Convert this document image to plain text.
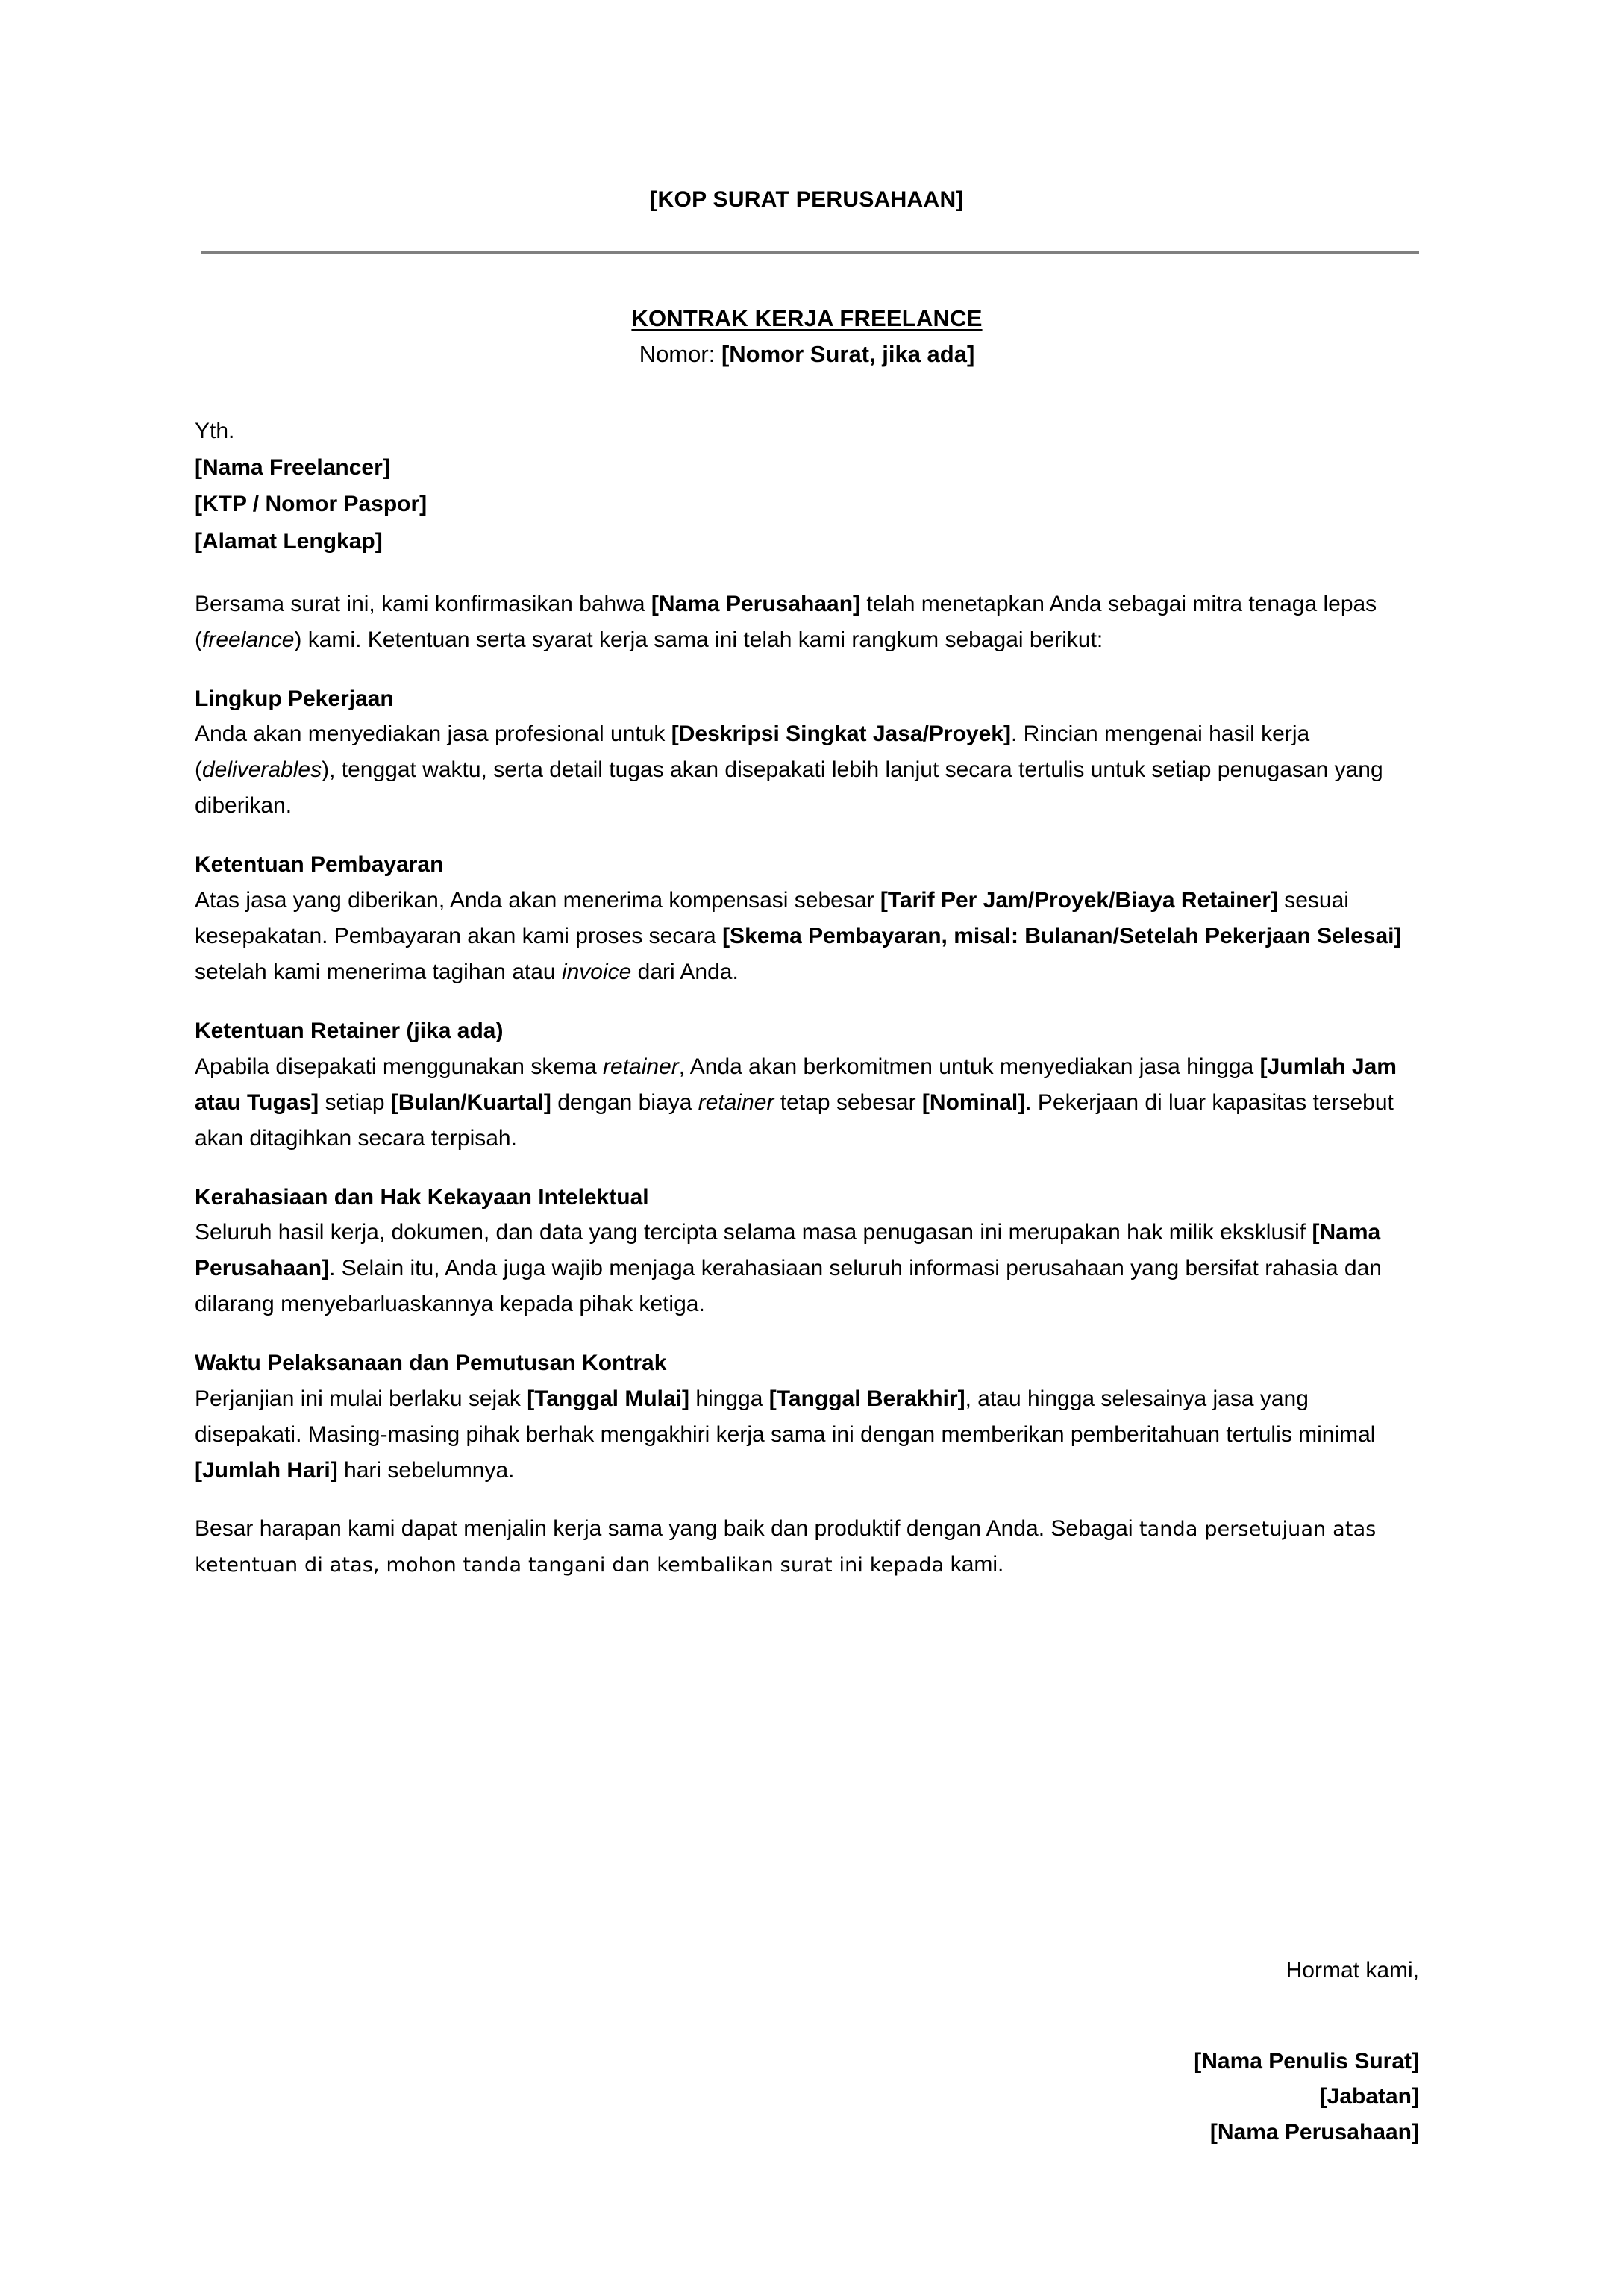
[KOP SURAT PERUSAHAAN]
KONTRAK KERJA FREELANCE
Nomor: [Nomor Surat, jika ada]
Yth.
[Nama Freelancer]
[KTP / Nomor Paspor]
[Alamat Lengkap]

Bersama surat ini, kami konfirmasikan bahwa [Nama Perusahaan] telah menetapkan Anda sebagai mitra tenaga lepas (freelance) kami. Ketentuan serta syarat kerja sama ini telah kami rangkum sebagai berikut:

Lingkup Pekerjaan

Anda akan menyediakan jasa profesional untuk [Deskripsi Singkat Jasa/Proyek]. Rincian mengenai hasil kerja (deliverables), tenggat waktu, serta detail tugas akan disepakati lebih lanjut secara tertulis untuk setiap penugasan yang diberikan.

Ketentuan Pembayaran

Atas jasa yang diberikan, Anda akan menerima kompensasi sebesar [Tarif Per Jam/Proyek/Biaya Retainer] sesuai kesepakatan. Pembayaran akan kami proses secara [Skema Pembayaran, misal: Bulanan/Setelah Pekerjaan Selesai] setelah kami menerima tagihan atau invoice dari Anda.

Ketentuan Retainer (jika ada)

Apabila disepakati menggunakan skema retainer, Anda akan berkomitmen untuk menyediakan jasa hingga [Jumlah Jam atau Tugas] setiap [Bulan/Kuartal] dengan biaya retainer tetap sebesar [Nominal]. Pekerjaan di luar kapasitas tersebut akan ditagihkan secara terpisah.

Kerahasiaan dan Hak Kekayaan Intelektual

Seluruh hasil kerja, dokumen, dan data yang tercipta selama masa penugasan ini merupakan hak milik eksklusif [Nama Perusahaan]. Selain itu, Anda juga wajib menjaga kerahasiaan seluruh informasi perusahaan yang bersifat rahasia dan dilarang menyebarluaskannya kepada pihak ketiga.

Waktu Pelaksanaan dan Pemutusan Kontrak

Perjanjian ini mulai berlaku sejak [Tanggal Mulai] hingga [Tanggal Berakhir], atau hingga selesainya jasa yang disepakati. Masing-masing pihak berhak mengakhiri kerja sama ini dengan memberikan pemberitahuan tertulis minimal [Jumlah Hari] hari sebelumnya.

Besar harapan kami dapat menjalin kerja sama yang baik dan produktif dengan Anda. Sebagai tanda persetujuan atas ketentuan di atas, mohon tanda tangani dan kembalikan surat ini kepada kami.

Hormat kami,
[Nama Penulis Surat]
[Jabatan]
[Nama Perusahaan]
